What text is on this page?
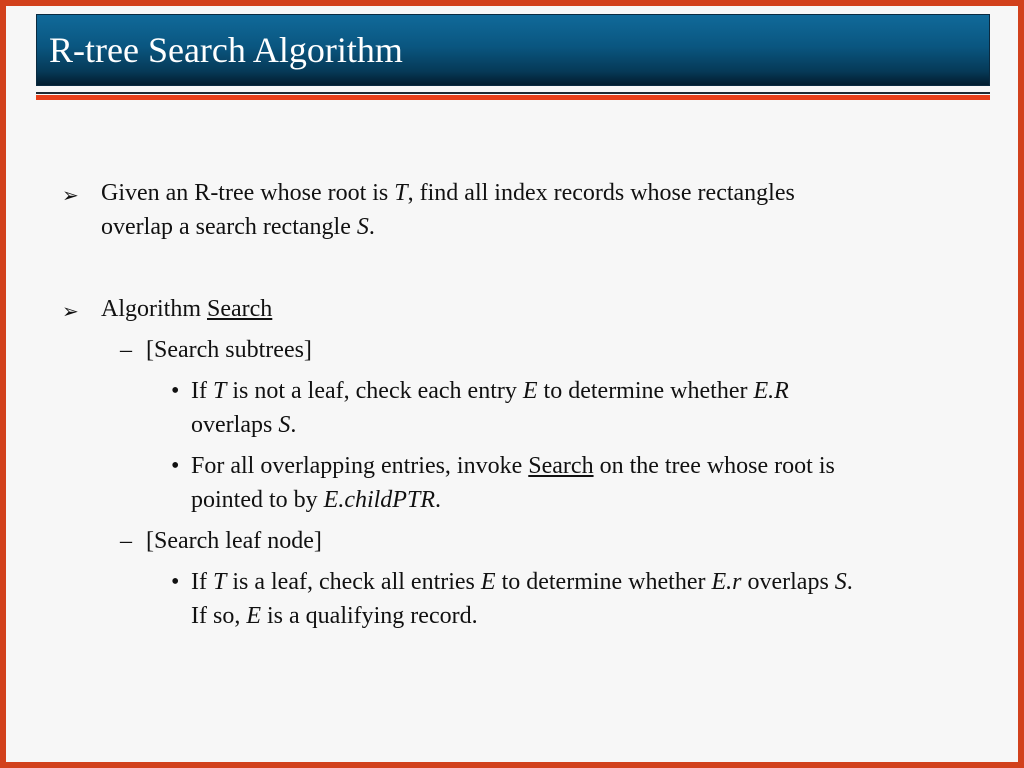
R-tree Search Algorithm
➢ Given an R-tree whose root is T, find all index records whose rectangles
overlap a search rectangle S.
➢ Algorithm Search
– [Search subtrees]
• If T is not a leaf, check each entry E to determine whether E.R
overlaps S.
• For all overlapping entries, invoke Search on the tree whose root is
pointed to by E.childPTR.
– [Search leaf node]
• If T is a leaf, check all entries E to determine whether E.r overlaps S.
If so, E is a qualifying record.
